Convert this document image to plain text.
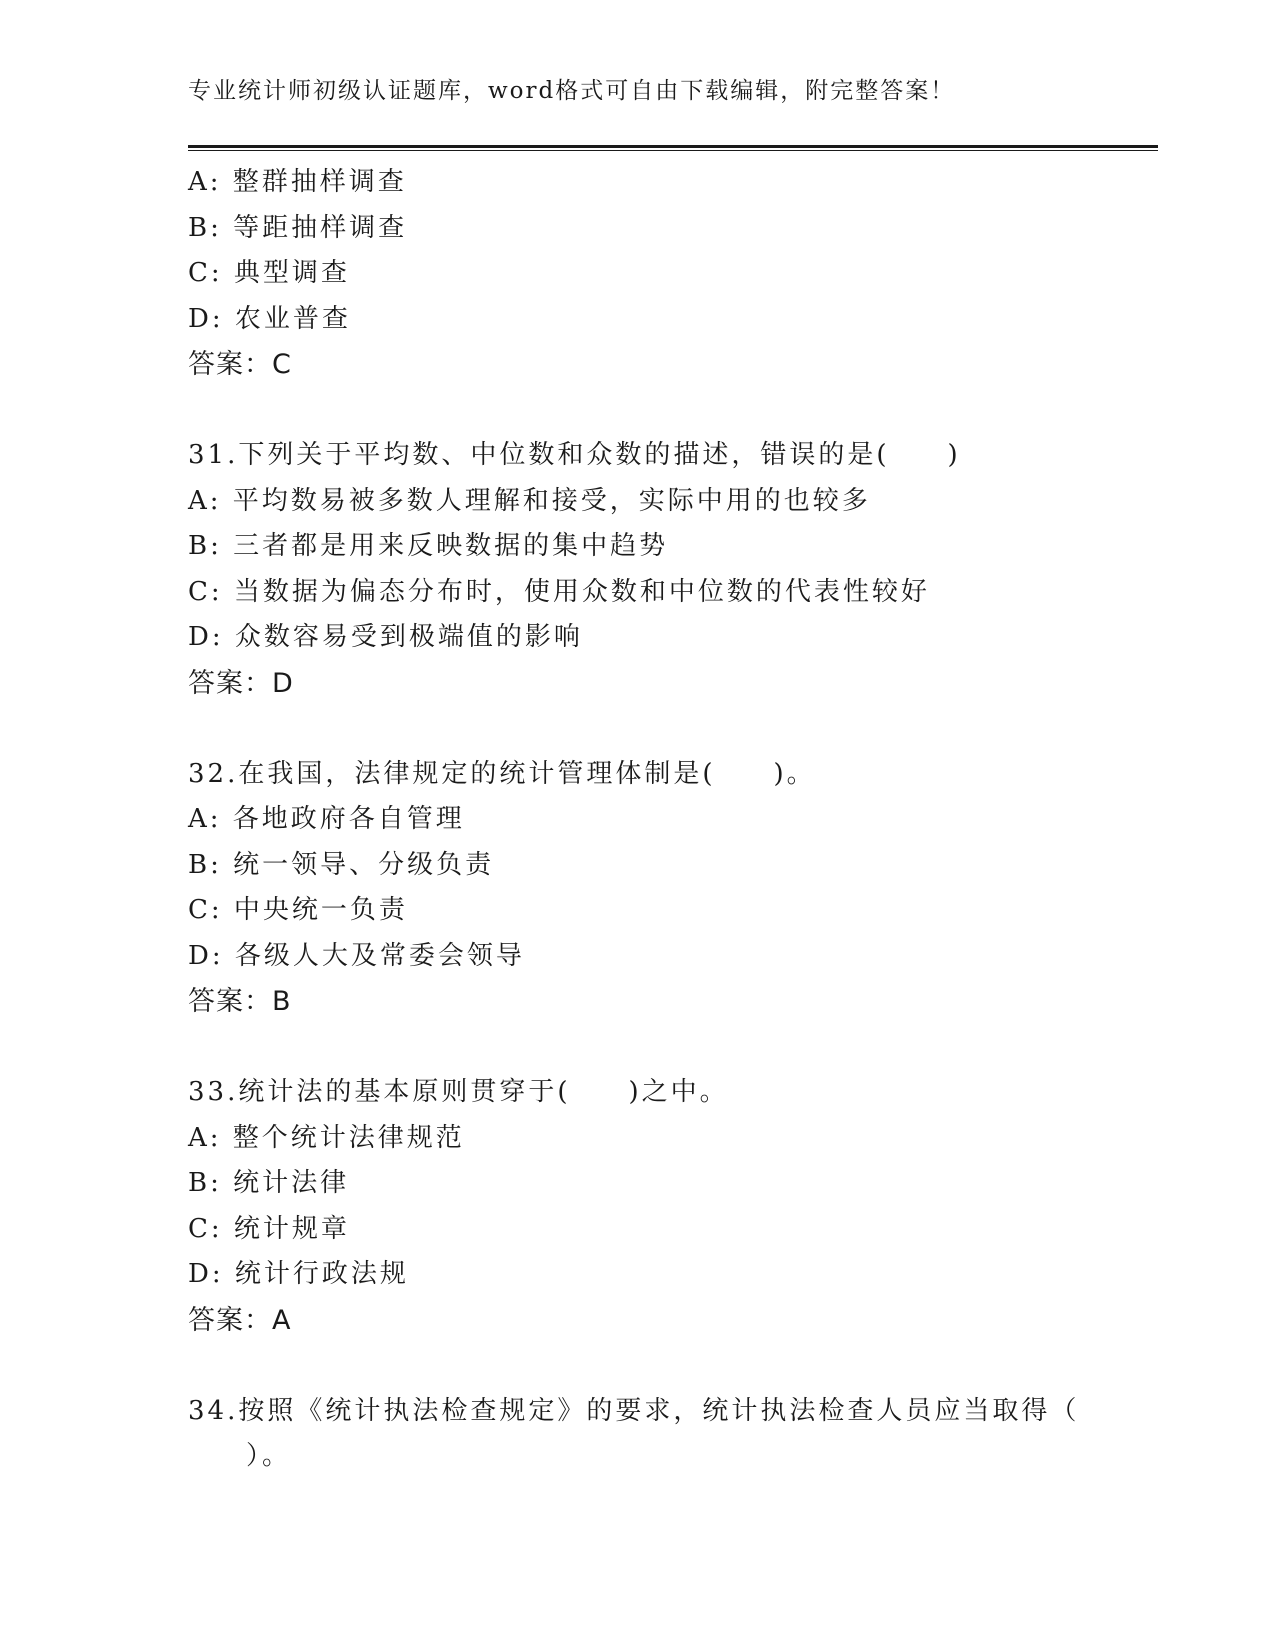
专业统计师初级认证题库，word格式可自由下载编辑，附完整答案！
A: 整群抽样调查
B: 等距抽样调查
C: 典型调查
D: 农业普查
答案：C
31.下列关于平均数、中位数和众数的描述，错误的是(　　)
A: 平均数易被多数人理解和接受，实际中用的也较多
B: 三者都是用来反映数据的集中趋势
C: 当数据为偏态分布时，使用众数和中位数的代表性较好
D: 众数容易受到极端值的影响
答案：D
32.在我国，法律规定的统计管理体制是(　　)。
A: 各地政府各自管理
B: 统一领导、分级负责
C: 中央统一负责
D: 各级人大及常委会领导
答案：B
33.统计法的基本原则贯穿于(　　)之中。
A: 整个统计法律规范
B: 统计法律
C: 统计规章
D: 统计行政法规
答案：A
34.按照《统计执法检查规定》的要求，统计执法检查人员应当取得（
）。
